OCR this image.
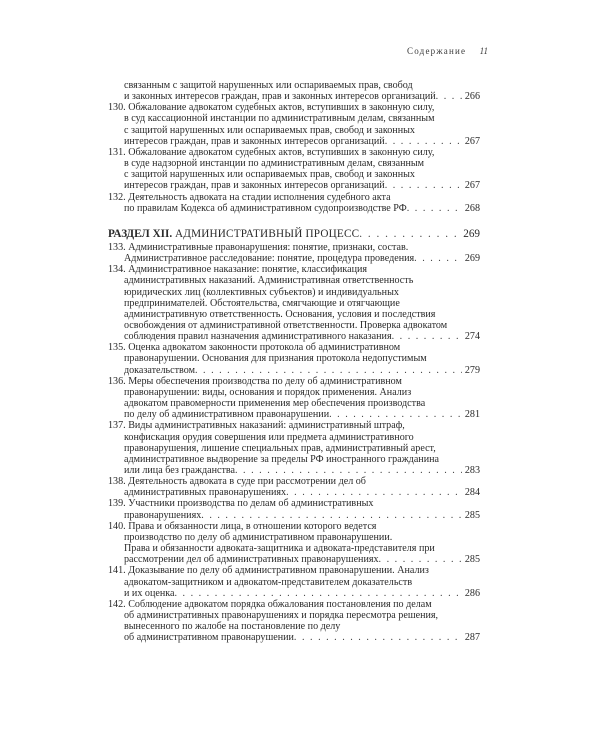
Содержание 11
связанным с защитой нарушенных или оспариваемых прав, свобод
и законных интересов граждан, прав и законных интересов организаций . . .	266
130. Обжалование адвокатом судебных актов, вступивших в законную силу,
в суд кассационной инстанции по административным делам, связанным
с защитой нарушенных или оспариваемых прав, свобод и законных
интересов граждан, прав и законных интересов организаций . . .	267
131. Обжалование адвокатом судебных актов, вступивших в законную силу,
в суде надзорной инстанции по административным делам, связанным
с защитой нарушенных или оспариваемых прав, свобод и законных
интересов граждан, прав и законных интересов организаций . . .	267
132. Деятельность адвоката на стадии исполнения судебного акта
по правилам Кодекса об административном судопроизводстве РФ . . .	268
РАЗДЕЛ XII. АДМИНИСТРАТИВНЫЙ ПРОЦЕСС . . .	269
133. Административные правонарушения: понятие, признаки, состав.
Административное расследование: понятие, процедура проведения . . .	269
134. Административное наказание: понятие, классификация
административных наказаний. Административная ответственность
юридических лиц (коллективных субъектов) и индивидуальных
предпринимателей. Обстоятельства, смягчающие и отягчающие
административную ответственность. Основания, условия и последствия
освобождения от административной ответственности. Проверка адвокатом
соблюдения правил назначения административного наказания . . .	274
135. Оценка адвокатом законности протокола об административном
правонарушении. Основания для признания протокола недопустимым
доказательством . . .	279
136. Меры обеспечения производства по делу об административном
правонарушении: виды, основания и порядок применения. Анализ
адвокатом правомерности применения мер обеспечения производства
по делу об административном правонарушении . . .	281
137. Виды административных наказаний: административный штраф,
конфискация орудия совершения или предмета административного
правонарушения, лишение специальных прав, административный арест,
административное выдворение за пределы РФ иностранного гражданина
или лица без гражданства . . .	283
138. Деятельность адвоката в суде при рассмотрении дел об
административных правонарушениях . . .	284
139. Участники производства по делам об административных
правонарушениях . . .	285
140. Права и обязанности лица, в отношении которого ведется
производство по делу об административном правонарушении.
Права и обязанности адвоката-защитника и адвоката-представителя при
рассмотрении дел об административных правонарушениях . . .	285
141. Доказывание по делу об административном правонарушении. Анализ
адвокатом-защитником и адвокатом-представителем доказательств
и их оценка . . .	286
142. Соблюдение адвокатом порядка обжалования постановления по делам
об административных правонарушениях и порядка пересмотра решения,
вынесенного по жалобе на постановление по делу
об административном правонарушении . . .	287
